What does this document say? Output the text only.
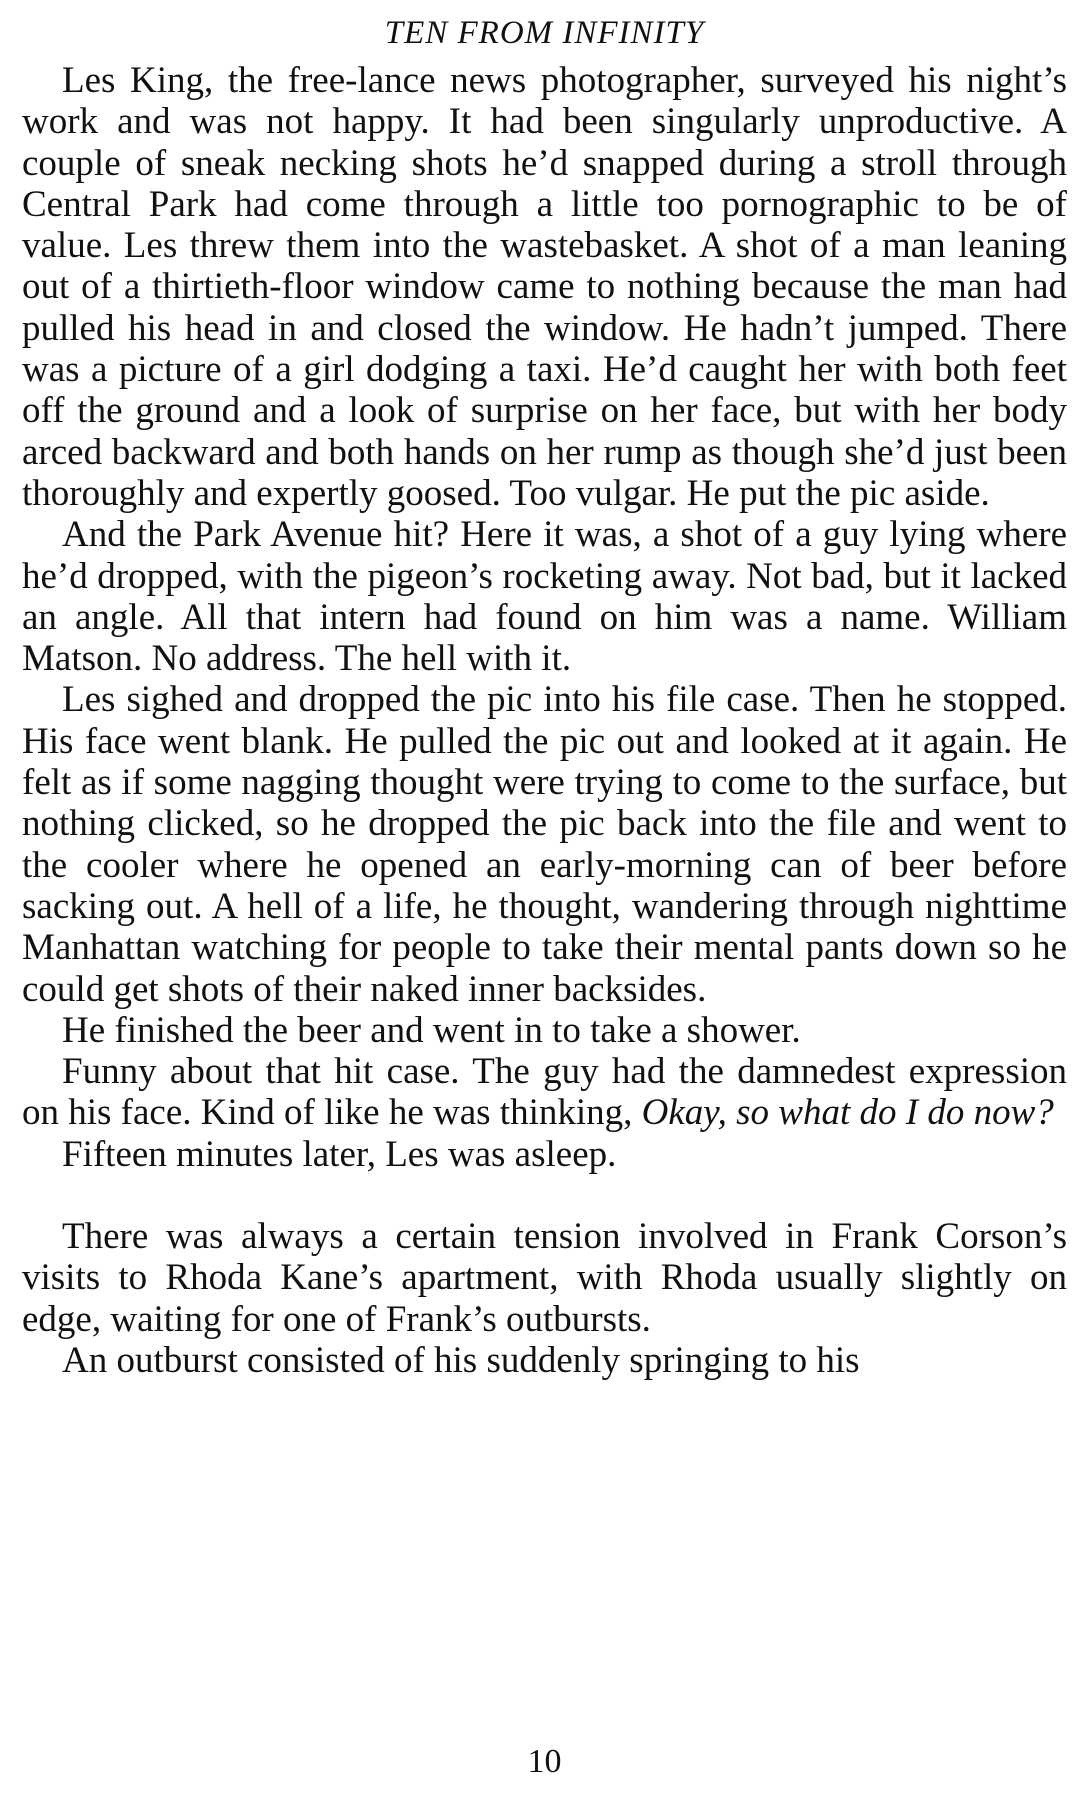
TEN FROM INFINITY

Les King, the free-lance news photographer, surveyed his night’s work and was not happy. It had been singularly unproductive. A couple of sneak necking shots he’d snapped during a stroll through Central Park had come through a little too pornographic to be of value. Les threw them into the wastebasket. A shot of a man leaning out of a thirtieth-floor window came to nothing because the man had pulled his head in and closed the window. He hadn’t jumped. There was a picture of a girl dodging a taxi. He’d caught her with both feet off the ground and a look of surprise on her face, but with her body arced backward and both hands on her rump as though she’d just been thoroughly and expertly goosed. Too vulgar. He put the pic aside.

And the Park Avenue hit? Here it was, a shot of a guy lying where he’d dropped, with the pigeon’s rocketing away. Not bad, but it lacked an angle. All that intern had found on him was a name. William Matson. No address. The hell with it.

Les sighed and dropped the pic into his file case. Then he stopped. His face went blank. He pulled the pic out and looked at it again. He felt as if some nagging thought were trying to come to the surface, but nothing clicked, so he dropped the pic back into the file and went to the cooler where he opened an early-morning can of beer before sacking out. A hell of a life, he thought, wandering through nighttime Manhattan watching for people to take their mental pants down so he could get shots of their naked inner backsides.

He finished the beer and went in to take a shower.

Funny about that hit case. The guy had the damnedest expression on his face. Kind of like he was thinking, Okay, so what do I do now?

Fifteen minutes later, Les was asleep.

There was always a certain tension involved in Frank Corson’s visits to Rhoda Kane’s apartment, with Rhoda usually slightly on edge, waiting for one of Frank’s outbursts.

An outburst consisted of his suddenly springing to his

10
